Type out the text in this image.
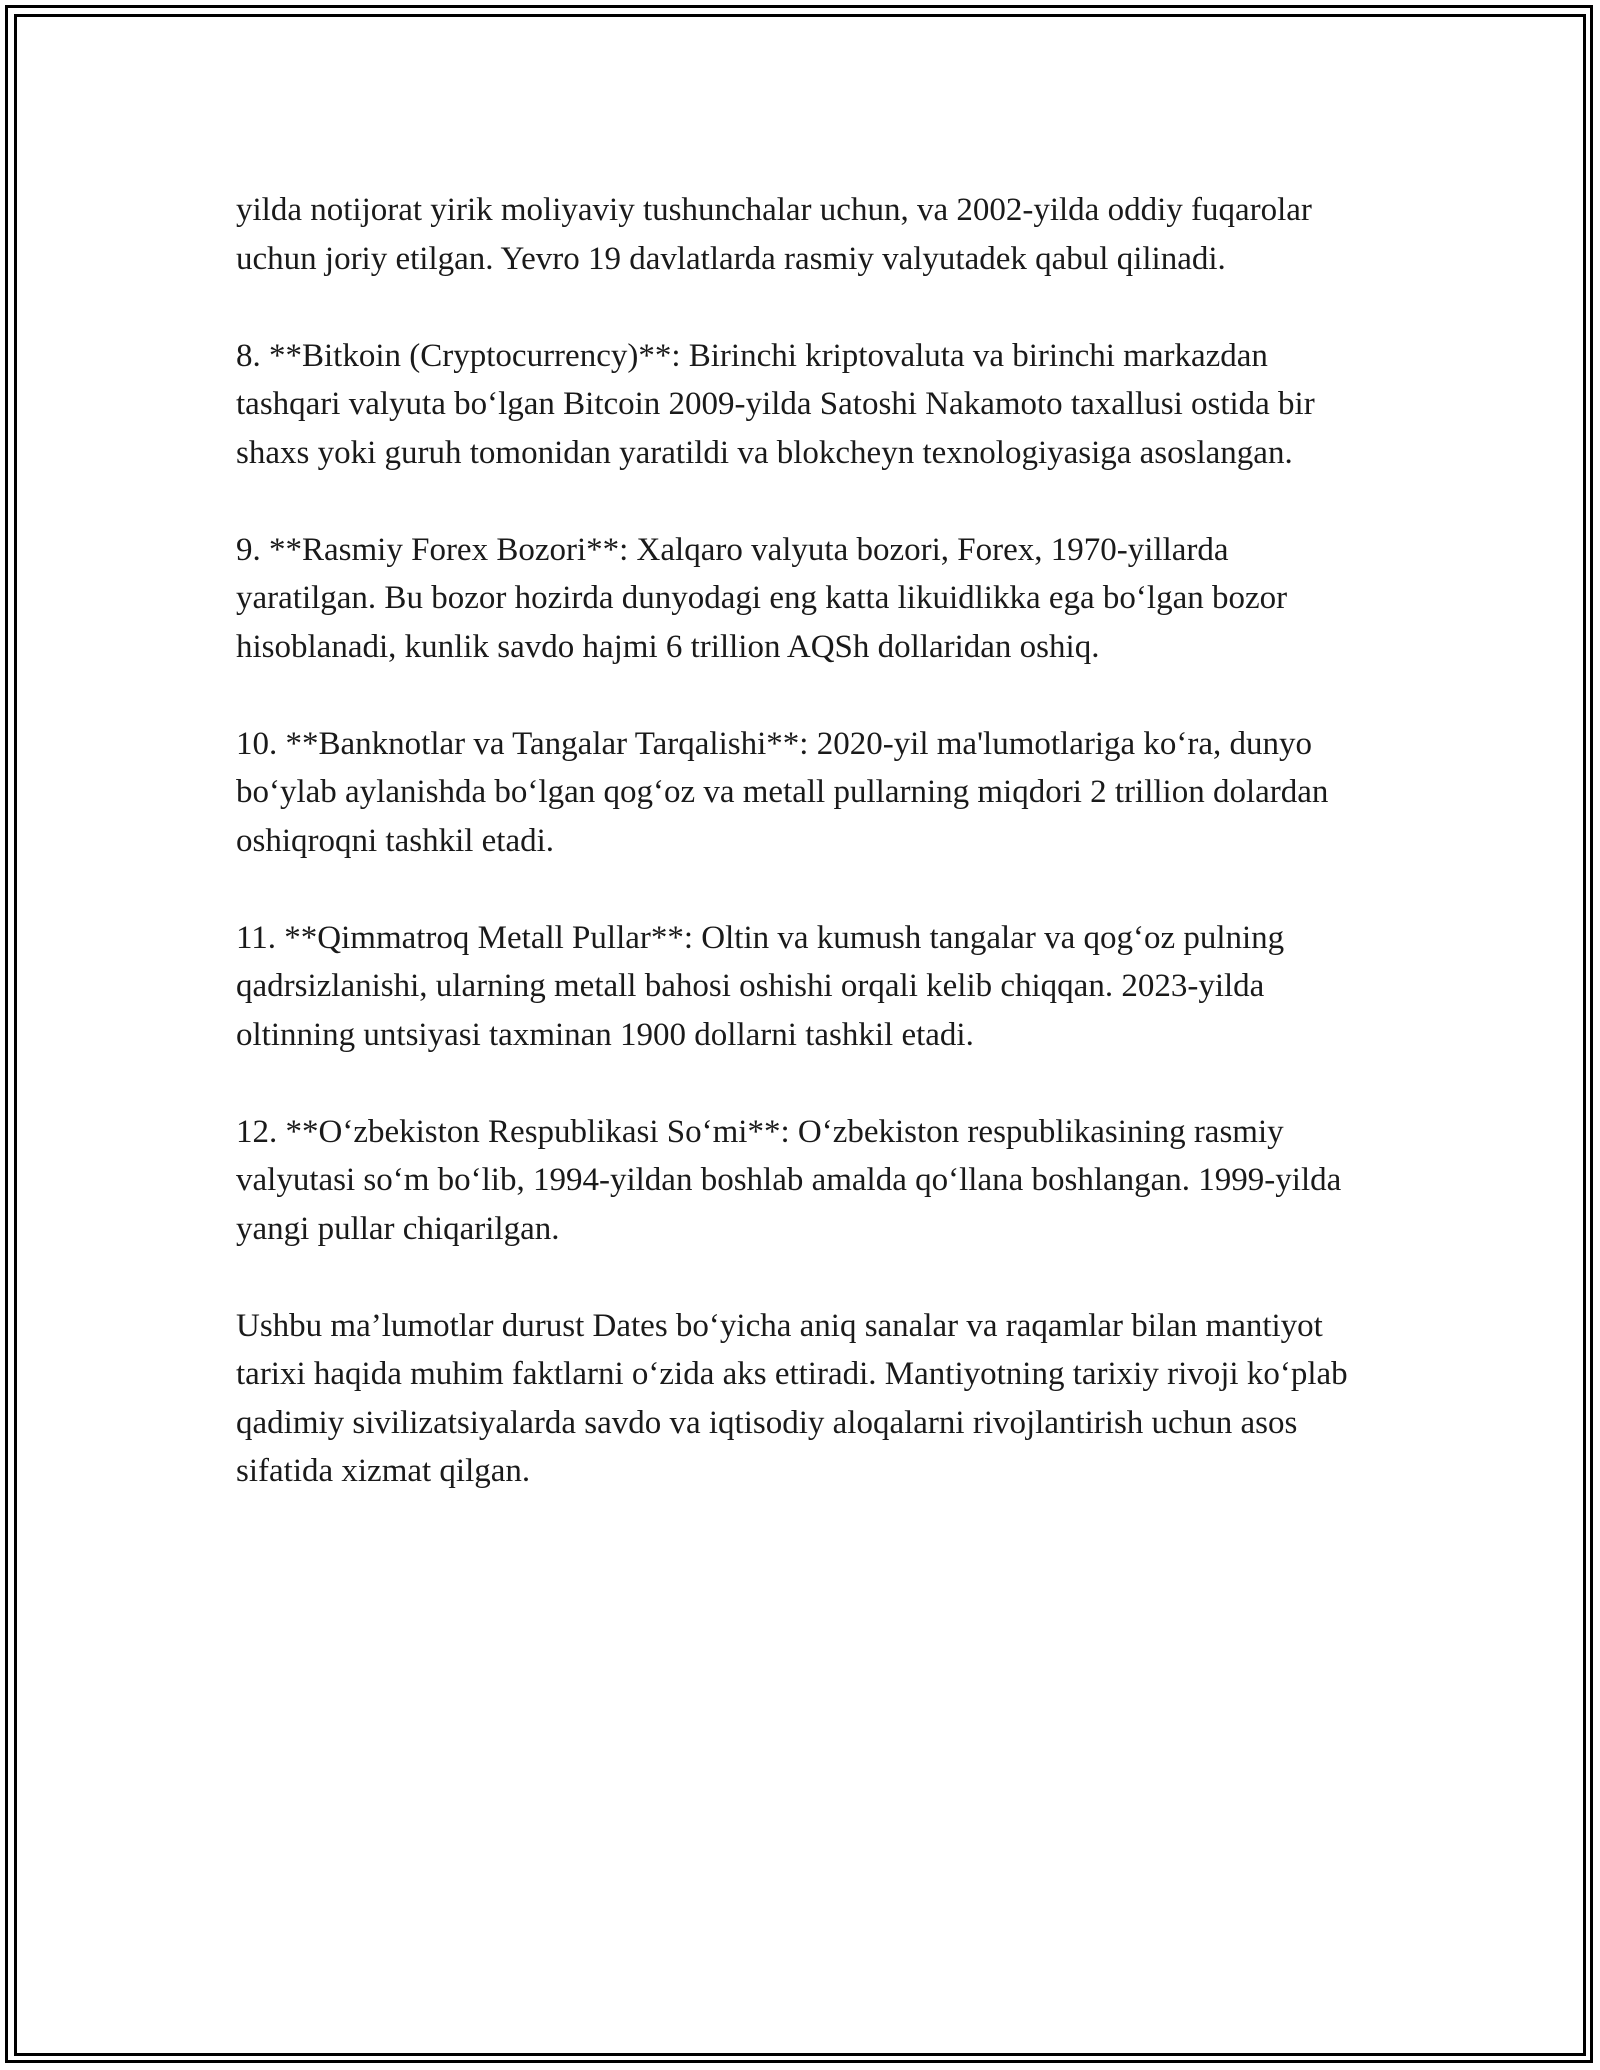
yilda notijorat yirik moliyaviy tushunchalar uchun, va 2002-yilda oddiy fuqarolar uchun joriy etilgan. Yevro 19 davlatlarda rasmiy valyutadek qabul qilinadi.

8. **Bitkoin (Cryptocurrency)**: Birinchi kriptovaluta va birinchi markazdan tashqari valyuta bo‘lgan Bitcoin 2009-yilda Satoshi Nakamoto taxallusi ostida bir shaxs yoki guruh tomonidan yaratildi va blokcheyn texnologiyasiga asoslangan.

9. **Rasmiy Forex Bozori**: Xalqaro valyuta bozori, Forex, 1970-yillarda yaratilgan. Bu bozor hozirda dunyodagi eng katta likuidlikka ega bo‘lgan bozor hisoblanadi, kunlik savdo hajmi 6 trillion AQSh dollaridan oshiq.

10. **Banknotlar va Tangalar Tarqalishi**: 2020-yil ma'lumotlariga ko‘ra, dunyo bo‘ylab aylanishda bo‘lgan qog‘oz va metall pullarning miqdori 2 trillion dolardan oshiqroqni tashkil etadi.

11. **Qimmatroq Metall Pullar**: Oltin va kumush tangalar va qog‘oz pulning qadrsizlanishi, ularning metall bahosi oshishi orqali kelib chiqqan. 2023-yilda oltinning untsiyasi taxminan 1900 dollarni tashkil etadi.

12. **O‘zbekiston Respublikasi So‘mi**: O‘zbekiston respublikasining rasmiy valyutasi so‘m bo‘lib, 1994-yildan boshlab amalda qo‘llana boshlangan. 1999-yilda yangi pullar chiqarilgan.

Ushbu ma’lumotlar durust Dates bo‘yicha aniq sanalar va raqamlar bilan mantiyot tarixi haqida muhim faktlarni o‘zida aks ettiradi. Mantiyotning tarixiy rivoji ko‘plab qadimiy sivilizatsiyalarda savdo va iqtisodiy aloqalarni rivojlantirish uchun asos sifatida xizmat qilgan.
